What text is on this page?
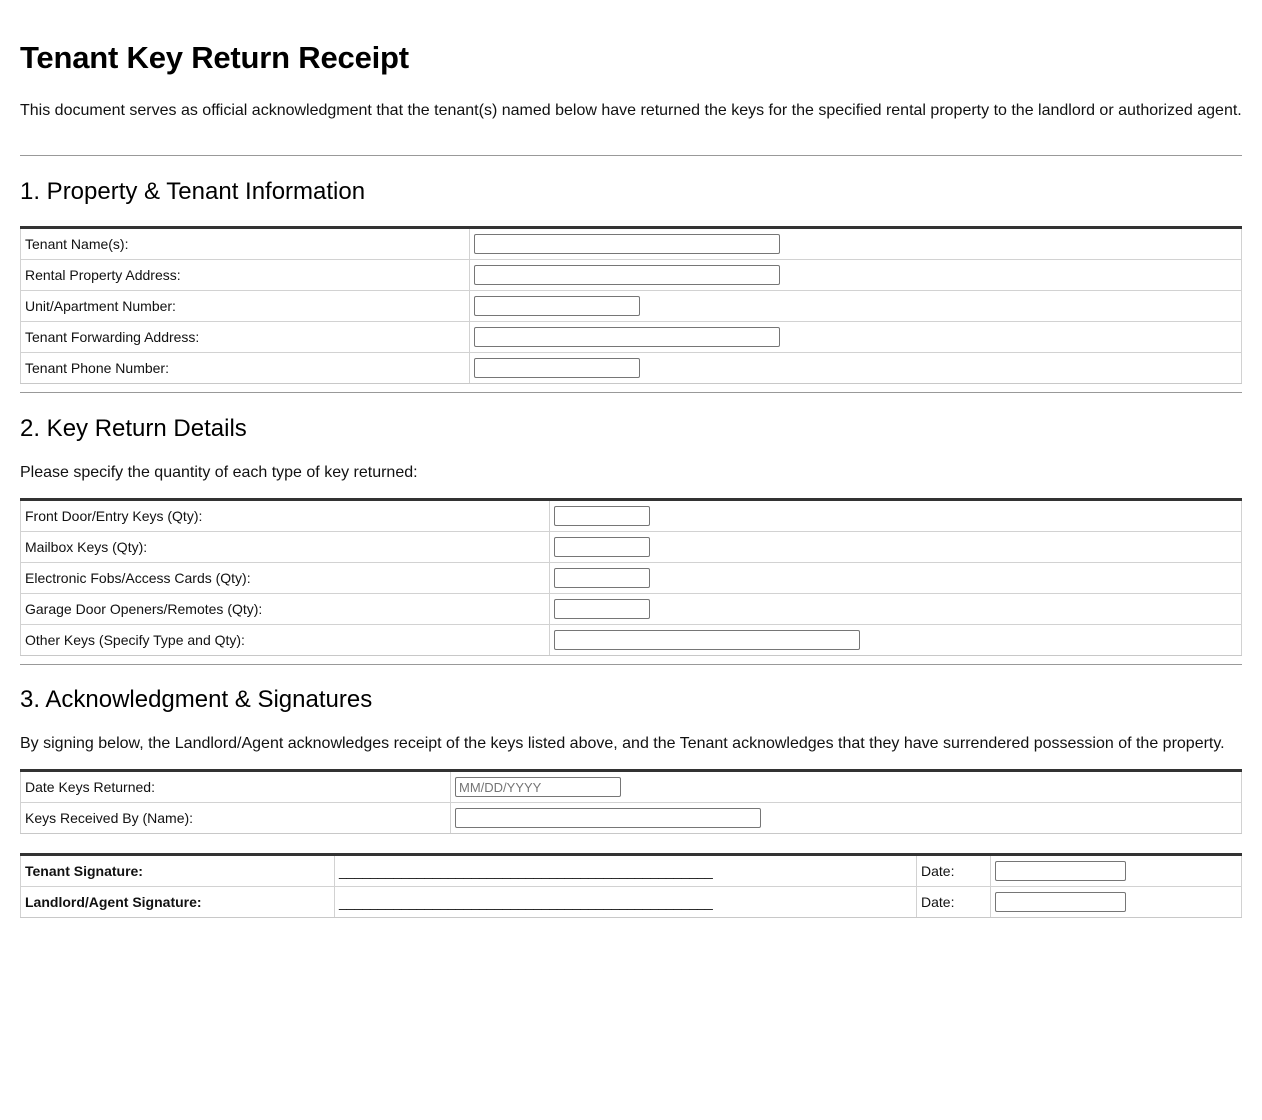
Tenant Key Return Receipt

This document serves as official acknowledgment that the tenant(s) named below have returned the keys for the specified rental property to the landlord or authorized agent.

1. Property & Tenant Information
Tenant Name(s):	

Rental Property Address:	

Unit/Apartment Number:	

Tenant Forwarding Address:	

Tenant Phone Number:	
2. Key Return Details

Please specify the quantity of each type of key returned:

Front Door/Entry Keys (Qty):	

Mailbox Keys (Qty):	

Electronic Fobs/Access Cards (Qty):	

Garage Door Openers/Remotes (Qty):	

Other Keys (Specify Type and Qty):	
3. Acknowledgment & Signatures

By signing below, the Landlord/Agent acknowledges receipt of the keys listed above, and the Tenant acknowledges that they have surrendered possession of the property.

Date Keys Returned:	
MM/DD/YYYY
Keys Received By (Name):	
Tenant Signature:	________________________________________________	Date:	

Landlord/Agent Signature:	________________________________________________	Date:	
